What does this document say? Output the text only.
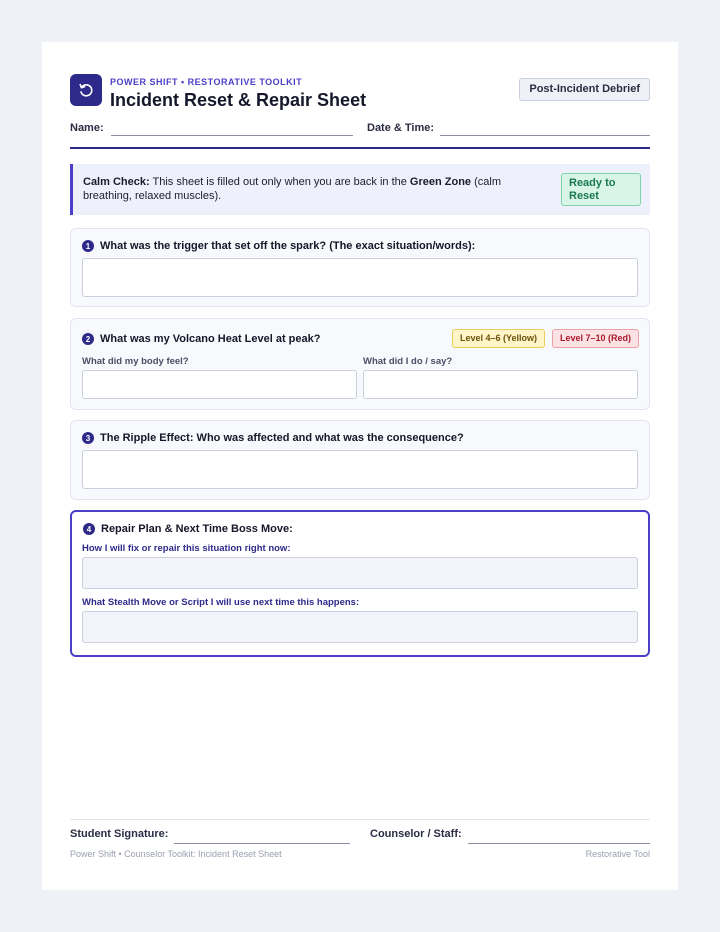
POWER SHIFT • RESTORATIVE TOOLKIT
Incident Reset & Repair Sheet
Post-Incident Debrief
Name:	Date & Time:
Calm Check: This sheet is filled out only when you are back in the Green Zone (calm breathing, relaxed muscles).
Ready to Reset
1 What was the trigger that set off the spark? (The exact situation/words):
2 What was my Volcano Heat Level at peak?	Level 4–6 (Yellow)	Level 7–10 (Red)
What did my body feel?	What did I do / say?
3 The Ripple Effect: Who was affected and what was the consequence?
4 Repair Plan & Next Time Boss Move:
How I will fix or repair this situation right now:
What Stealth Move or Script I will use next time this happens:
Student Signature:	Counselor / Staff:
Power Shift • Counselor Toolkit: Incident Reset Sheet	Restorative Tool
